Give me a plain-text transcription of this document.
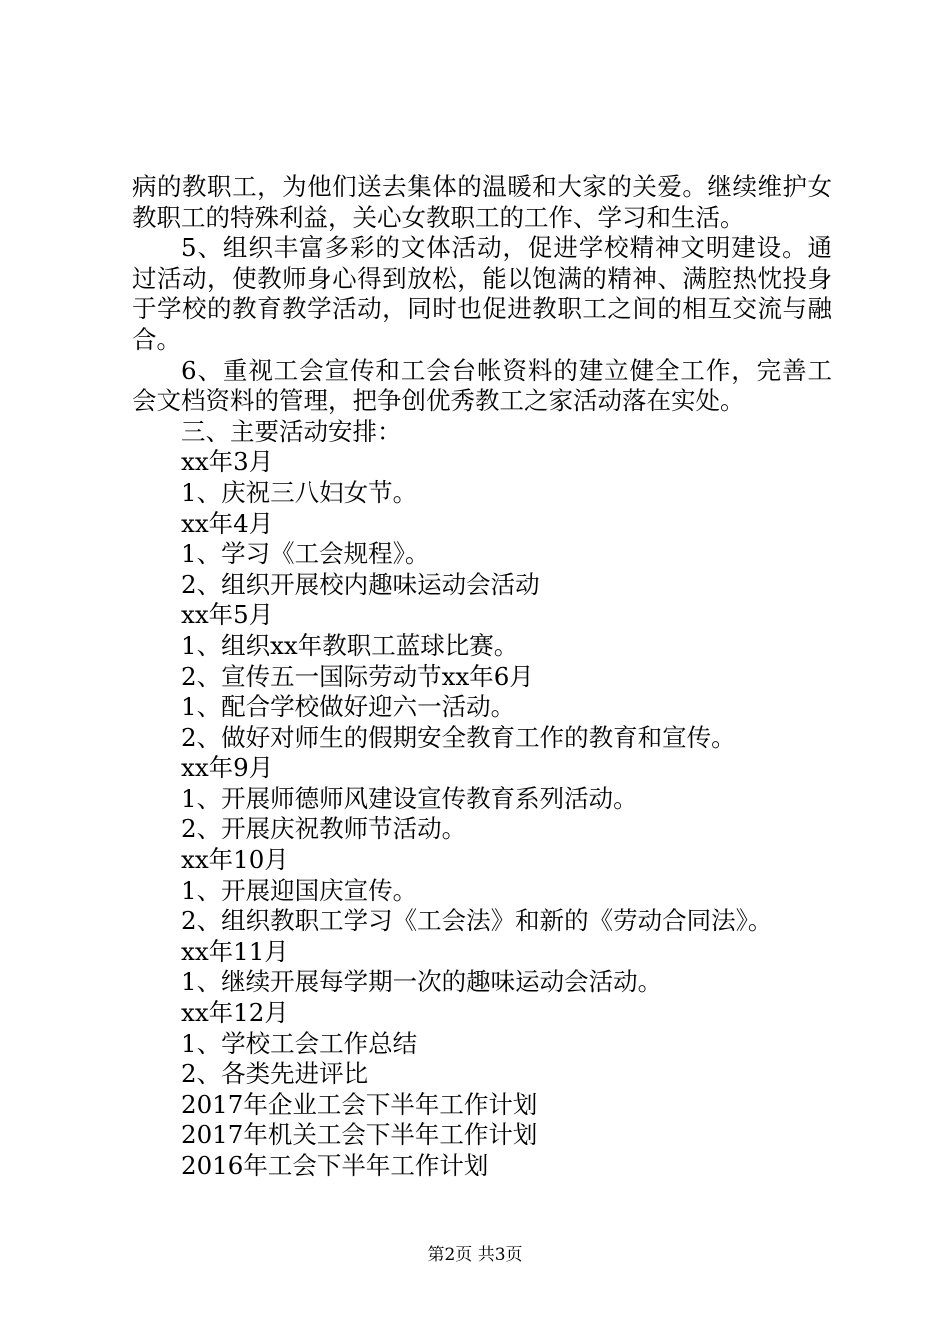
病的教职工，为他们送去集体的温暖和大家的关爱。继续维护女教职工的特殊利益，关心女教职工的工作、学习和生活。

5、组织丰富多彩的文体活动，促进学校精神文明建设。通过活动，使教师身心得到放松，能以饱满的精神、满腔热忱投身于学校的教育教学活动，同时也促进教职工之间的相互交流与融合。

6、重视工会宣传和工会台帐资料的建立健全工作，完善工会文档资料的管理，把争创优秀教工之家活动落在实处。

三、主要活动安排：

xx年3月

1、庆祝三八妇女节。

xx年4月

1、学习《工会规程》。

2、组织开展校内趣味运动会活动

xx年5月

1、组织xx年教职工蓝球比赛。

2、宣传五一国际劳动节xx年6月

1、配合学校做好迎六一活动。

2、做好对师生的假期安全教育工作的教育和宣传。

xx年9月

1、开展师德师风建设宣传教育系列活动。

2、开展庆祝教师节活动。

xx年10月

1、开展迎国庆宣传。

2、组织教职工学习《工会法》和新的《劳动合同法》。

xx年11月

1、继续开展每学期一次的趣味运动会活动。

xx年12月

1、学校工会工作总结

2、各类先进评比

2017年企业工会下半年工作计划

2017年机关工会下半年工作计划

2016年工会下半年工作计划

第2页 共3页
